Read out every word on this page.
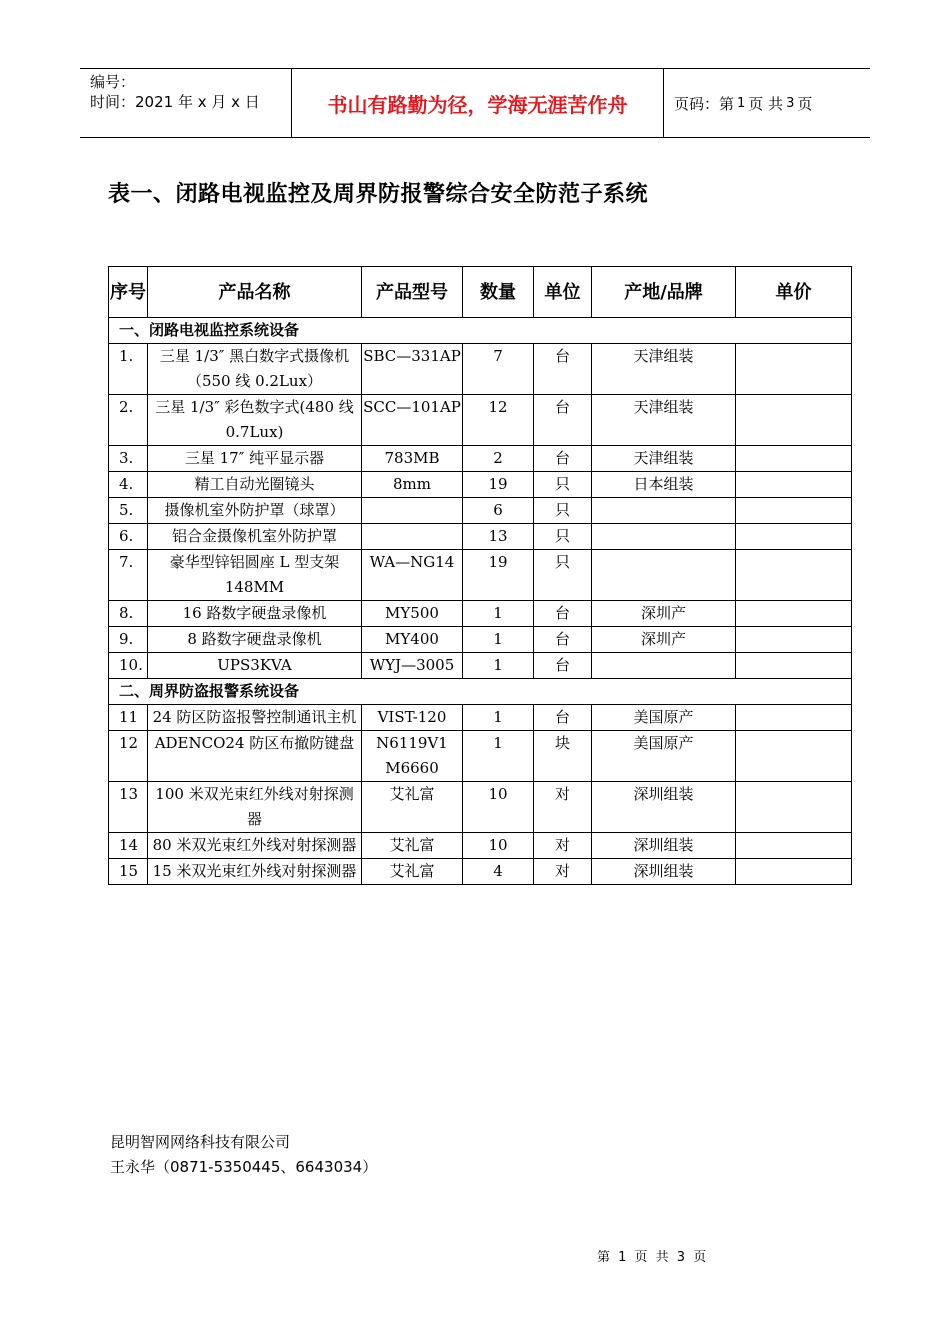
编号：
时间：2021 年 x 月 x 日	书山有路勤为径，学海无涯苦作舟	页码：第 1 页 共 3 页
表一、闭路电视监控及周界防报警综合安全防范子系统
序号	产品名称	产品型号	数量	单位	产地/品牌	单价
一、闭路电视监控系统设备						
1.	三星 1/3″ 黑白数字式摄像机（550 线 0.2Lux）	SBC—331AP	7	台	天津组装	
2.	三星 1/3″ 彩色数字式(480 线 0.7Lux)	SCC—101AP	12	台	天津组装	
3.	三星 17″ 纯平显示器	783MB	2	台	天津组装	
4.	精工自动光圈镜头	8mm	19	只	日本组装	
5.	摄像机室外防护罩（球罩）		6	只		
6.	铝合金摄像机室外防护罩		13	只		
7.	豪华型锌铝圆座 L 型支架 148MM	WA—NG14	19	只		
8.	16 路数字硬盘录像机	MY500	1	台	深圳产	
9.	8 路数字硬盘录像机	MY400	1	台	深圳产	
10.	UPS3KVA	WYJ—3005	1	台		
二、周界防盗报警系统设备						
11	24 防区防盗报警控制通讯主机	VIST-120	1	台	美国原产	
12	ADENCO24 防区布撤防键盘	N6119V1 M6660	1	块	美国原产	
13	100 米双光束红外线对射探测器	艾礼富	10	对	深圳组装	
14	80 米双光束红外线对射探测器	艾礼富	10	对	深圳组装	
15	15 米双光束红外线对射探测器	艾礼富	4	对	深圳组装	
昆明智网网络科技有限公司
王永华（0871-5350445、6643034）
第 1 页 共 3 页
